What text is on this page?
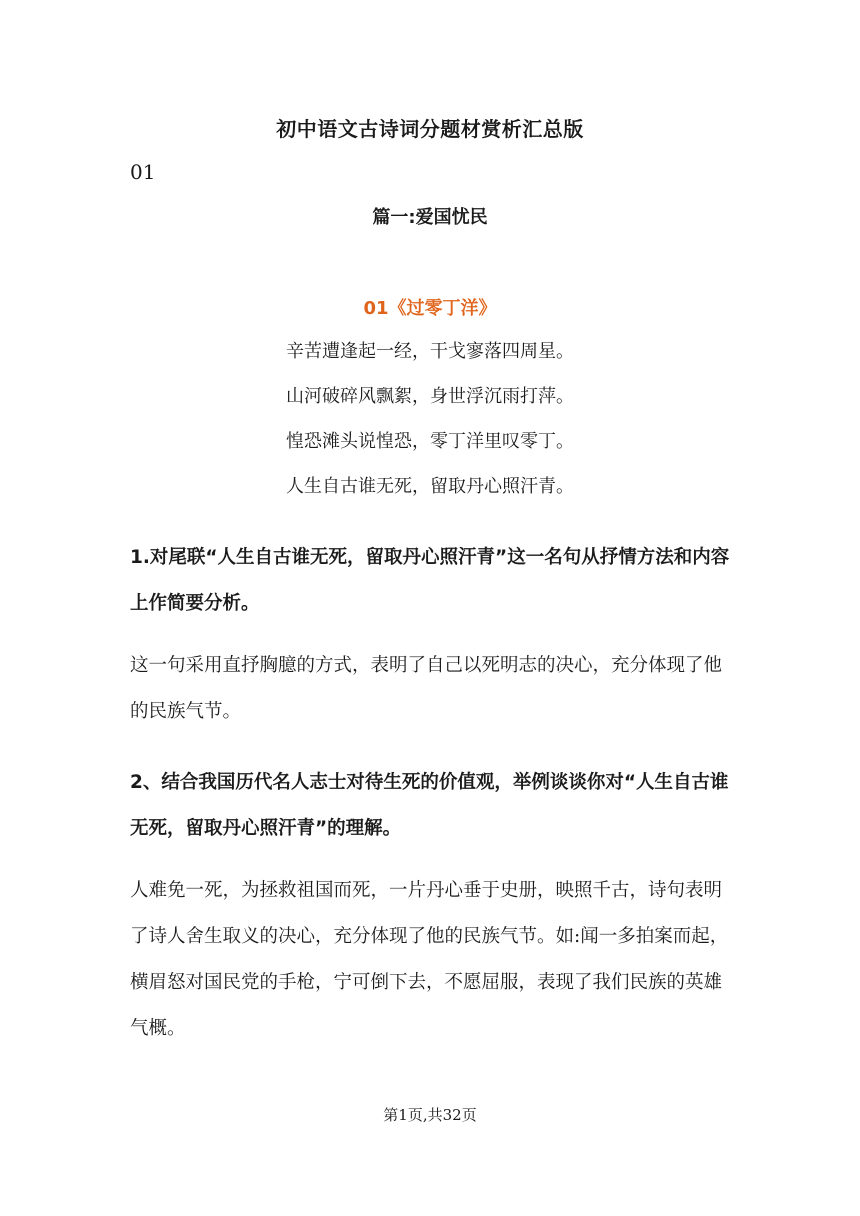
初中语文古诗词分题材赏析汇总版
01
篇一:爱国忧民
01《过零丁洋》
辛苦遭逢起一经，干戈寥落四周星。
山河破碎风飘絮，身世浮沉雨打萍。
惶恐滩头说惶恐，零丁洋里叹零丁。
人生自古谁无死，留取丹心照汗青。
1.对尾联“人生自古谁无死，留取丹心照汗青”这一名句从抒情方法和内容上作简要分析。
这一句采用直抒胸臆的方式，表明了自己以死明志的决心，充分体现了他的民族气节。
2、结合我国历代名人志士对待生死的价值观，举例谈谈你对“人生自古谁无死，留取丹心照汗青”的理解。
人难免一死，为拯救祖国而死，一片丹心垂于史册，映照千古，诗句表明了诗人舍生取义的决心，充分体现了他的民族气节。如:闻一多拍案而起，横眉怒对国民党的手枪，宁可倒下去，不愿屈服，表现了我们民族的英雄气概。
第1页,共32页
